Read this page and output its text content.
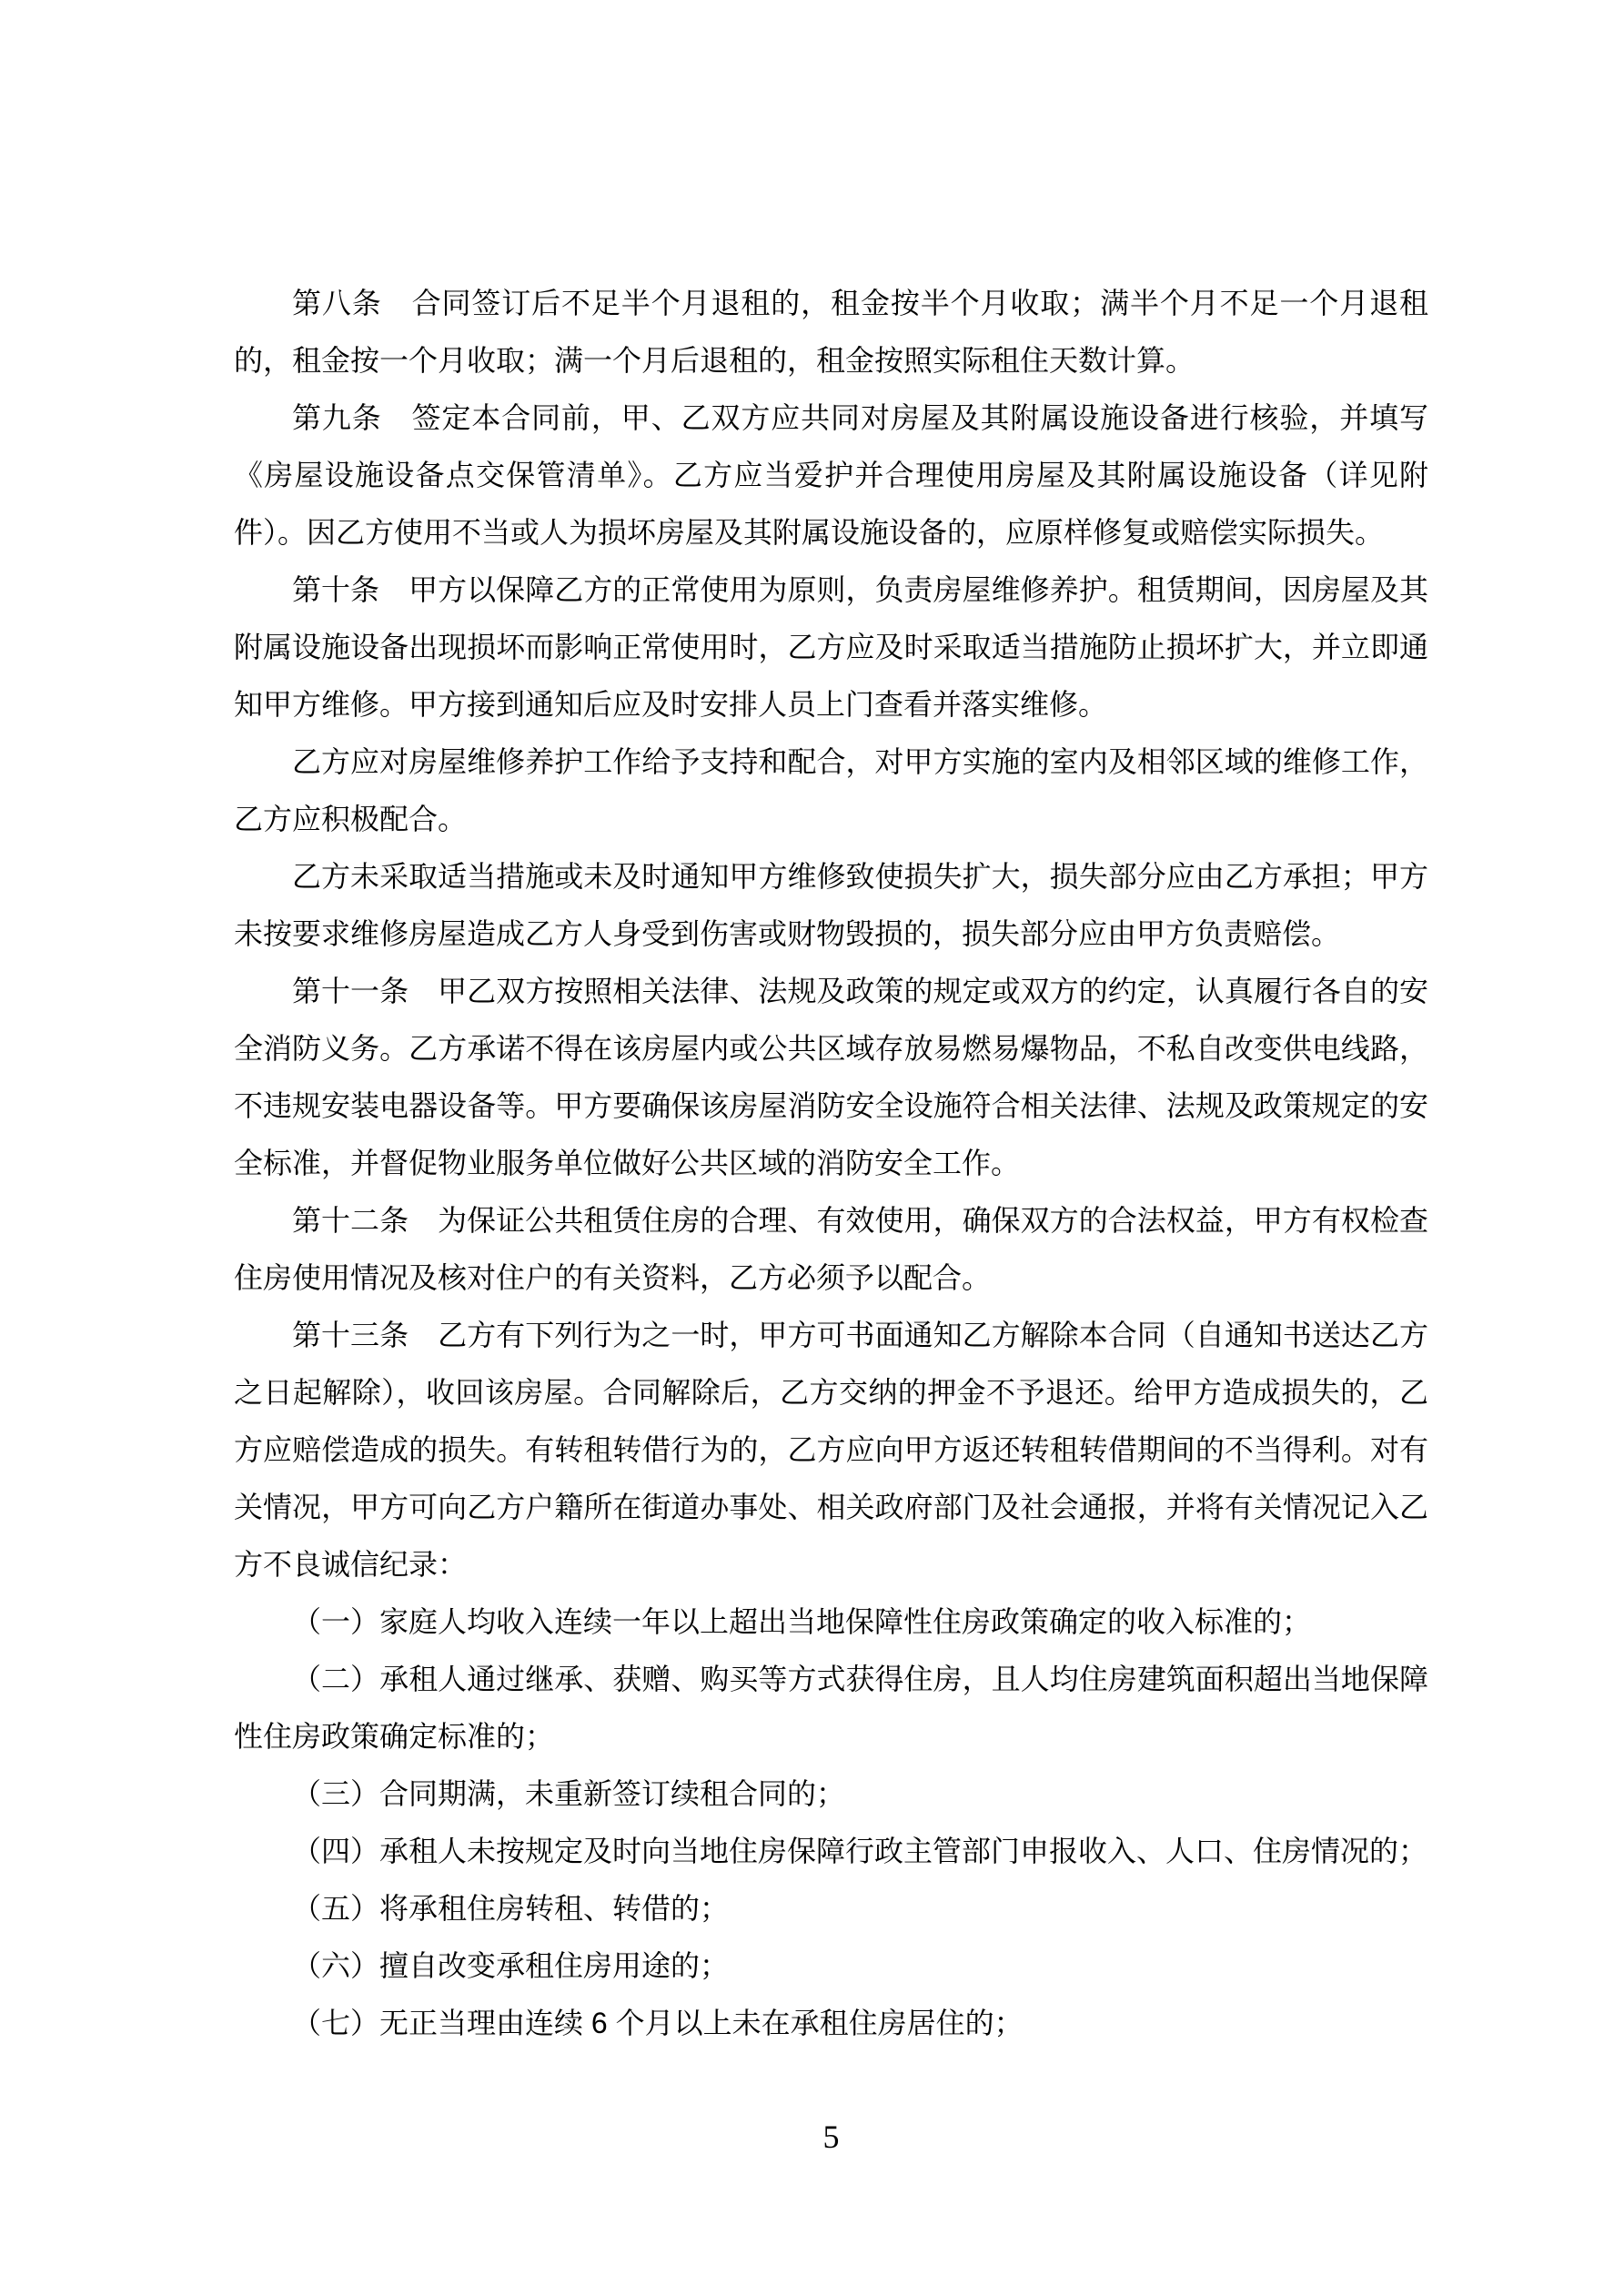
第八条　合同签订后不足半个月退租的，租金按半个月收取；满半个月不足一个月退租的，租金按一个月收取；满一个月后退租的，租金按照实际租住天数计算。

第九条　签定本合同前，甲、乙双方应共同对房屋及其附属设施设备进行核验，并填写《房屋设施设备点交保管清单》。乙方应当爱护并合理使用房屋及其附属设施设备（详见附件）。因乙方使用不当或人为损坏房屋及其附属设施设备的，应原样修复或赔偿实际损失。

第十条　甲方以保障乙方的正常使用为原则，负责房屋维修养护。租赁期间，因房屋及其附属设施设备出现损坏而影响正常使用时，乙方应及时采取适当措施防止损坏扩大，并立即通知甲方维修。甲方接到通知后应及时安排人员上门查看并落实维修。

乙方应对房屋维修养护工作给予支持和配合，对甲方实施的室内及相邻区域的维修工作，乙方应积极配合。

乙方未采取适当措施或未及时通知甲方维修致使损失扩大，损失部分应由乙方承担；甲方未按要求维修房屋造成乙方人身受到伤害或财物毁损的，损失部分应由甲方负责赔偿。

第十一条　甲乙双方按照相关法律、法规及政策的规定或双方的约定，认真履行各自的安全消防义务。乙方承诺不得在该房屋内或公共区域存放易燃易爆物品，不私自改变供电线路，不违规安装电器设备等。甲方要确保该房屋消防安全设施符合相关法律、法规及政策规定的安全标准，并督促物业服务单位做好公共区域的消防安全工作。

第十二条　为保证公共租赁住房的合理、有效使用，确保双方的合法权益，甲方有权检查住房使用情况及核对住户的有关资料，乙方必须予以配合。

第十三条　乙方有下列行为之一时，甲方可书面通知乙方解除本合同（自通知书送达乙方之日起解除），收回该房屋。合同解除后，乙方交纳的押金不予退还。给甲方造成损失的，乙方应赔偿造成的损失。有转租转借行为的，乙方应向甲方返还转租转借期间的不当得利。对有关情况，甲方可向乙方户籍所在街道办事处、相关政府部门及社会通报，并将有关情况记入乙方不良诚信纪录：

（一）家庭人均收入连续一年以上超出当地保障性住房政策确定的收入标准的；

（二）承租人通过继承、获赠、购买等方式获得住房，且人均住房建筑面积超出当地保障性住房政策确定标准的；

（三）合同期满，未重新签订续租合同的；

（四）承租人未按规定及时向当地住房保障行政主管部门申报收入、人口、住房情况的；

（五）将承租住房转租、转借的；

（六）擅自改变承租住房用途的；

（七）无正当理由连续 6 个月以上未在承租住房居住的；

5
